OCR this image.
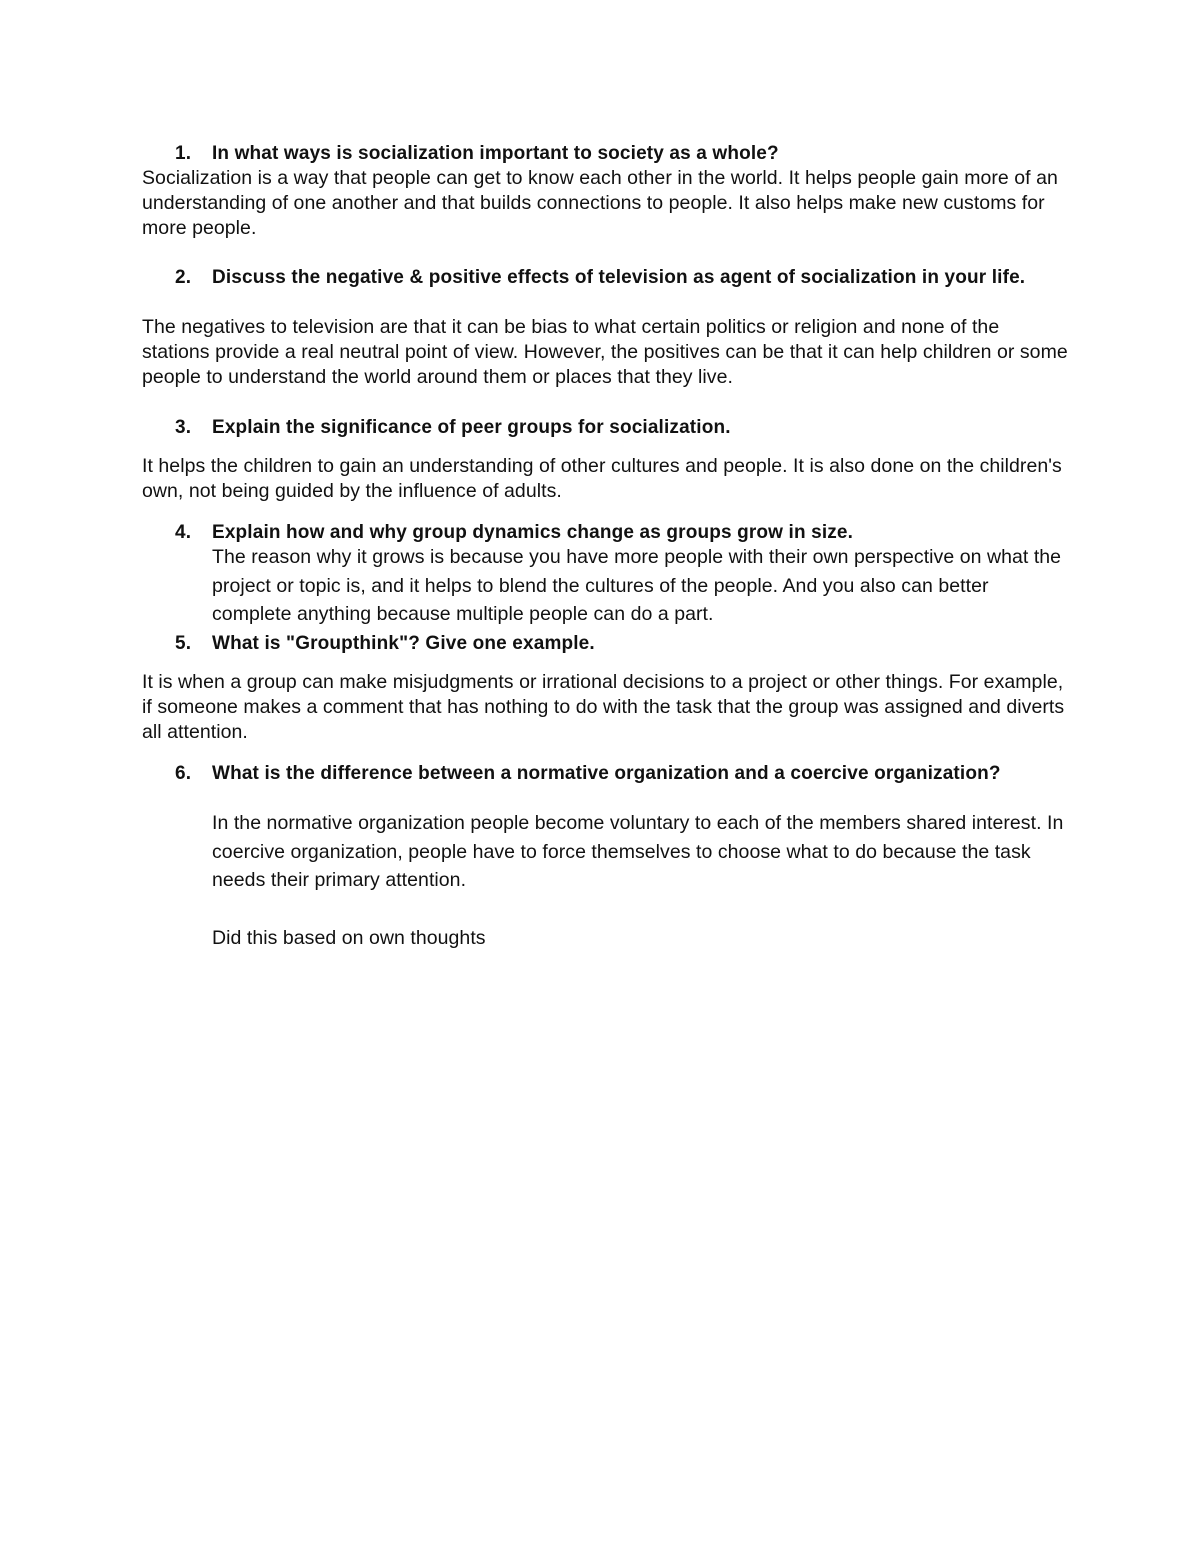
1. In what ways is socialization important to society as a whole?
Socialization is a way that people can get to know each other in the world. It helps people gain more of an understanding of one another and that builds connections to people. It also helps make new customs for more people.
2. Discuss the negative & positive effects of television as agent of socialization in your life.
The negatives to television are that it can be bias to what certain politics or religion and none of the stations provide a real neutral point of view. However, the positives can be that it can help children or some people to understand the world around them or places that they live.
3. Explain the significance of peer groups for socialization.
It helps the children to gain an understanding of other cultures and people. It is also done on the children's own, not being guided by the influence of adults.
4. Explain how and why group dynamics change as groups grow in size.
The reason why it grows is because you have more people with their own perspective on what the project or topic is, and it helps to blend the cultures of the people. And you also can better complete anything because multiple people can do a part.
5. What is "Groupthink"? Give one example.
It is when a group can make misjudgments or irrational decisions to a project or other things. For example, if someone makes a comment that has nothing to do with the task that the group was assigned and diverts all attention.
6. What is the difference between a normative organization and a coercive organization?
In the normative organization people become voluntary to each of the members shared interest. In coercive organization, people have to force themselves to choose what to do because the task needs their primary attention.
Did this based on own thoughts
